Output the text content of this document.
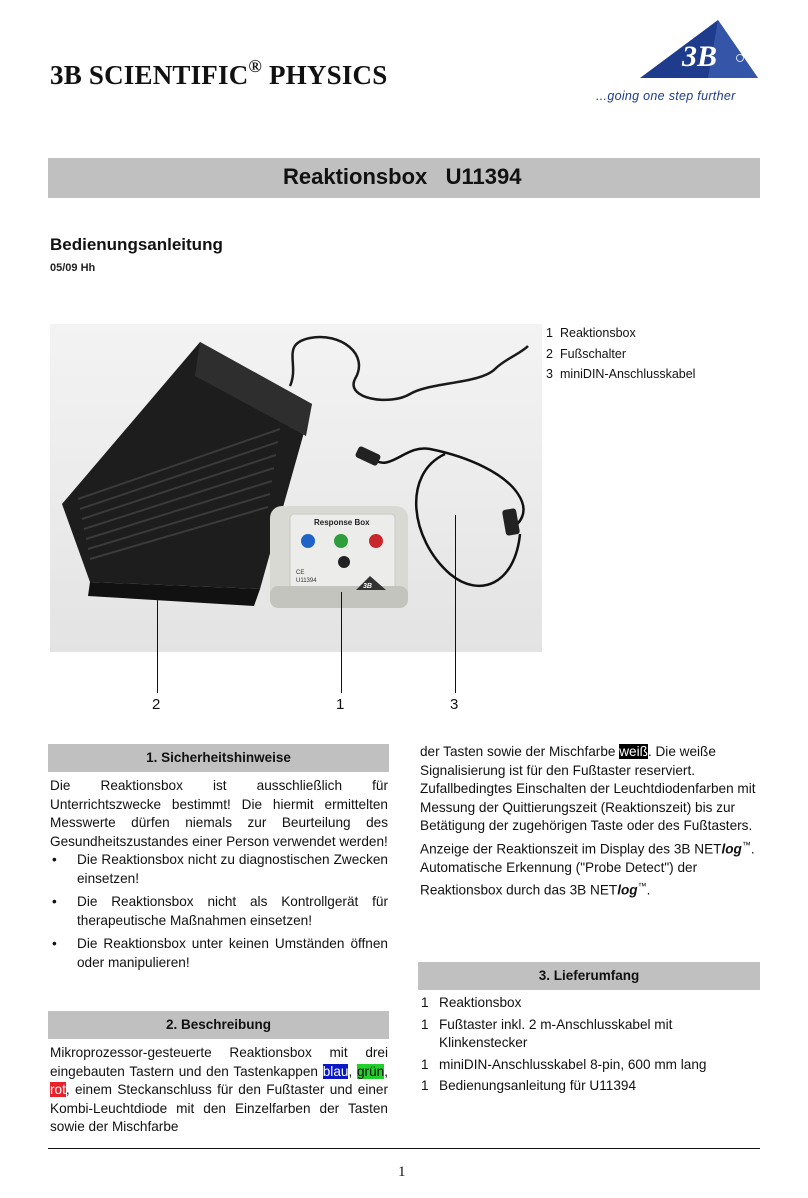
3B SCIENTIFIC® PHYSICS
3B
...going one step further
Reaktionsbox U11394
Bedienungsanleitung
05/09 Hh
Response Box
CE
U11394
3B
1 Reaktionsbox
2 Fußschalter
3 miniDIN-Anschlusskabel
2	1	3
1. Sicherheitshinweise
Die Reaktionsbox ist ausschließlich für Unterrichtszwecke bestimmt! Die hiermit ermittelten Messwerte dürfen niemals zur Beurteilung des Gesundheitszustandes einer Person verwendet werden!
• Die Reaktionsbox nicht zu diagnostischen Zwecken einsetzen!
• Die Reaktionsbox nicht als Kontrollgerät für therapeutische Maßnahmen einsetzen!
• Die Reaktionsbox unter keinen Umständen öffnen oder manipulieren!
2. Beschreibung
Mikroprozessor-gesteuerte Reaktionsbox mit drei eingebauten Tastern und den Tastenkappen blau, grün, rot, einem Steckanschluss für den Fußtaster und einer Kombi-Leuchtdiode mit den Einzelfarben der Tasten sowie der Mischfarbe
der Tasten sowie der Mischfarbe weiß. Die weiße Signalisierung ist für den Fußtaster reserviert.
Zufallbedingtes Einschalten der Leuchtdiodenfarben mit Messung der Quittierungszeit (Reaktionszeit) bis zur Betätigung der zugehörigen Taste oder des Fußtasters.
Anzeige der Reaktionszeit im Display des 3B NETlog™.
Automatische Erkennung ("Probe Detect") der Reaktionsbox durch das 3B NETlog™.
3. Lieferumfang
1 Reaktionsbox
1 Fußtaster inkl. 2 m-Anschlusskabel mit Klinkenstecker
1 miniDIN-Anschlusskabel 8-pin, 600 mm lang
1 Bedienungsanleitung für U11394
1
